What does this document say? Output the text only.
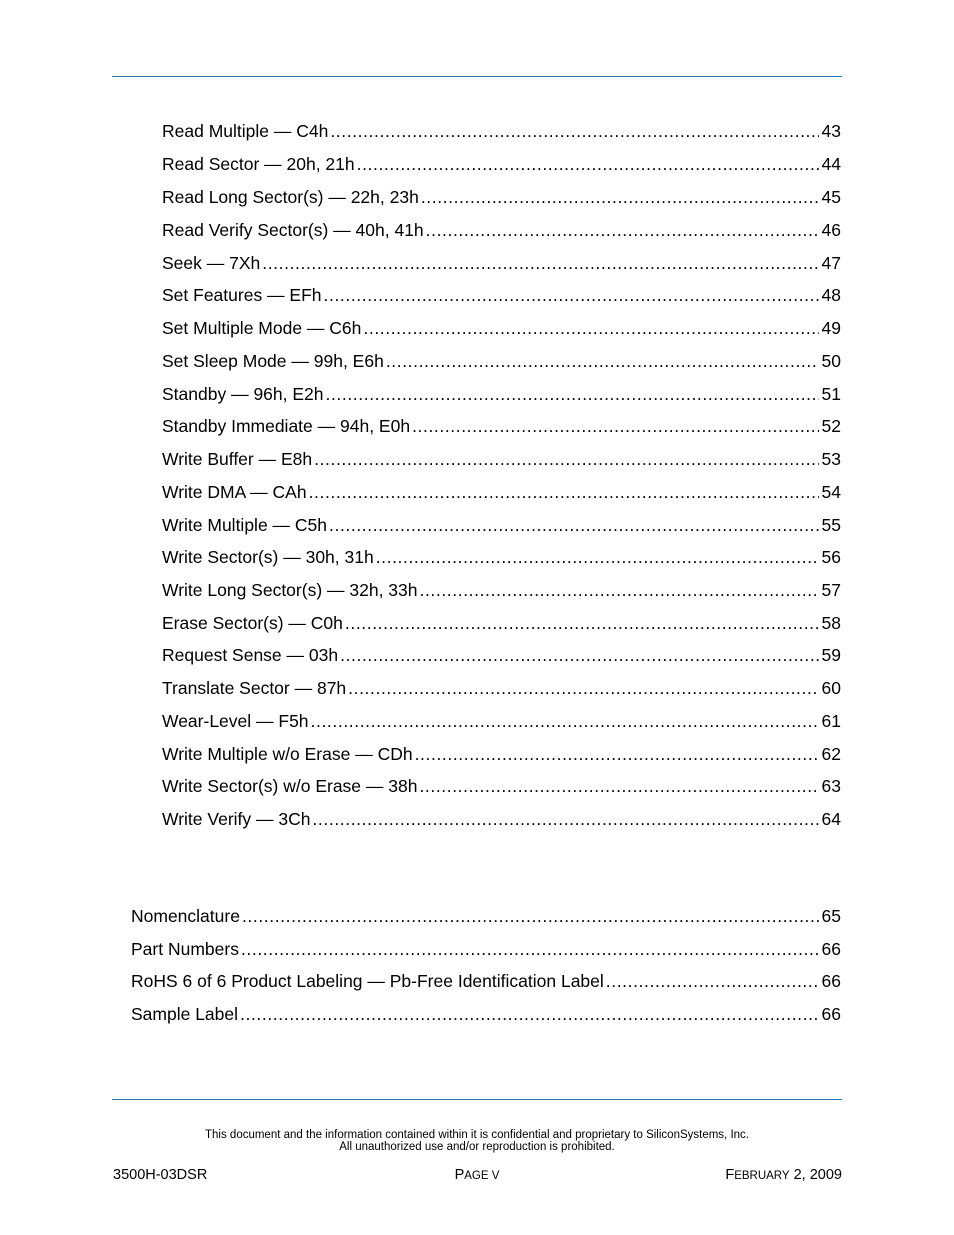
Read Multiple — C4h .....	43
Read Sector — 20h, 21h .....	44
Read Long Sector(s) — 22h, 23h .....	45
Read Verify Sector(s) — 40h, 41h .....	46
Seek — 7Xh .....	47
Set Features — EFh .....	48
Set Multiple Mode — C6h .....	49
Set Sleep Mode — 99h, E6h .....	50
Standby — 96h, E2h .....	51
Standby Immediate — 94h, E0h .....	52
Write Buffer — E8h .....	53
Write DMA — CAh .....	54
Write Multiple — C5h .....	55
Write Sector(s) — 30h, 31h .....	56
Write Long Sector(s) — 32h, 33h .....	57
Erase Sector(s) — C0h .....	58
Request Sense — 03h .....	59
Translate Sector — 87h .....	60
Wear-Level — F5h .....	61
Write Multiple w/o Erase — CDh .....	62
Write Sector(s) w/o Erase — 38h .....	63
Write Verify — 3Ch .....	64
Nomenclature .....	65
Part Numbers .....	66
RoHS 6 of 6 Product Labeling — Pb-Free Identification Label .....	66
Sample Label .....	66
This document and the information contained within it is confidential and proprietary to SiliconSystems, Inc.
All unauthorized use and/or reproduction is prohibited.
3500H-03DSR	PAGE V	FEBRUARY 2, 2009
